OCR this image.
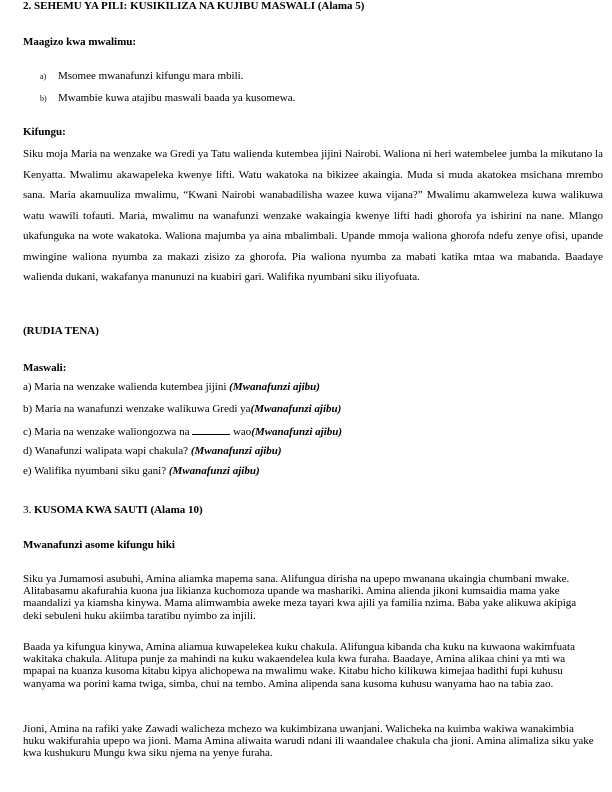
2. SEHEMU YA PILI: KUSIKILIZA NA KUJIBU MASWALI (Alama 5)

Maagizo kwa mwalimu:

a) Msomee mwanafunzi kifungu mara mbili.

b) Mwambie kuwa atajibu maswali baada ya kusomewa.

Kifungu:

Siku moja Maria na wenzake wa Gredi ya Tatu walienda kutembea jijini Nairobi. Waliona ni heri watembelee jumba la mikutano la Kenyatta. Mwalimu akawapeleka kwenye lifti. Watu wakatoka na bikizee akaingia. Muda si muda akatokea msichana mrembo sana. Maria akamuuliza mwalimu, “Kwani Nairobi wanabadilisha wazee kuwa vijana?” Mwalimu akamweleza kuwa walikuwa watu wawili tofauti. Maria, mwalimu na wanafunzi wenzake wakaingia kwenye lifti hadi ghorofa ya ishirini na nane. Mlango ukafunguka na wote wakatoka. Waliona majumba ya aina mbalimbali. Upande mmoja waliona ghorofa ndefu zenye ofisi, upande mwingine waliona nyumba za makazi zisizo za ghorofa. Pia waliona nyumba za mabati katika mtaa wa mabanda. Baadaye walienda dukani, wakafanya manunuzi na kuabiri gari. Walifika nyumbani siku iliyofuata.

(RUDIA TENA)

Maswali:

a) Maria na wenzake walienda kutembea jijini (Mwanafunzi ajibu)

b) Maria na wanafunzi wenzake walikuwa Gredi ya(Mwanafunzi ajibu)

c) Maria na wenzake waliongozwa na	wao(Mwanafunzi ajibu)

d) Wanafunzi walipata wapi chakula? (Mwanafunzi ajibu)

e) Walifika nyumbani siku gani? (Mwanafunzi ajibu)

3. KUSOMA KWA SAUTI (Alama 10)

Mwanafunzi asome kifungu hiki

Siku ya Jumamosi asubuhi, Amina aliamka mapema sana. Alifungua dirisha na upepo mwanana ukaingia chumbani mwake. Alitabasamu akafurahia kuona jua likianza kuchomoza upande wa mashariki. Amina alienda jikoni kumsaidia mama yake maandalizi ya kiamsha kinywa. Mama alimwambia aweke meza tayari kwa ajili ya familia nzima. Baba yake alikuwa akipiga deki sebuleni huku akiimba taratibu nyimbo za injili.

Baada ya kifungua kinywa, Amina aliamua kuwapelekea kuku chakula. Alifungua kibanda cha kuku na kuwaona wakimfuata wakitaka chakula. Alitupa punje za mahindi na kuku wakaendelea kula kwa furaha. Baadaye, Amina alikaa chini ya mti wa mpapai na kuanza kusoma kitabu kipya alichopewa na mwalimu wake. Kitabu hicho kilikuwa kimejaa hadithi fupi kuhusu wanyama wa porini kama twiga, simba, chui na tembo. Amina alipenda sana kusoma kuhusu wanyama hao na tabia zao.

Jioni, Amina na rafiki yake Zawadi walicheza mchezo wa kukimbizana uwanjani. Walicheka na kuimba wakiwa wanakimbia huku wakifurahia upepo wa jioni. Mama Amina aliwaita warudi ndani ili waandalee chakula cha jioni. Amina alimaliza siku yake kwa kushukuru Mungu kwa siku njema na yenye furaha.
